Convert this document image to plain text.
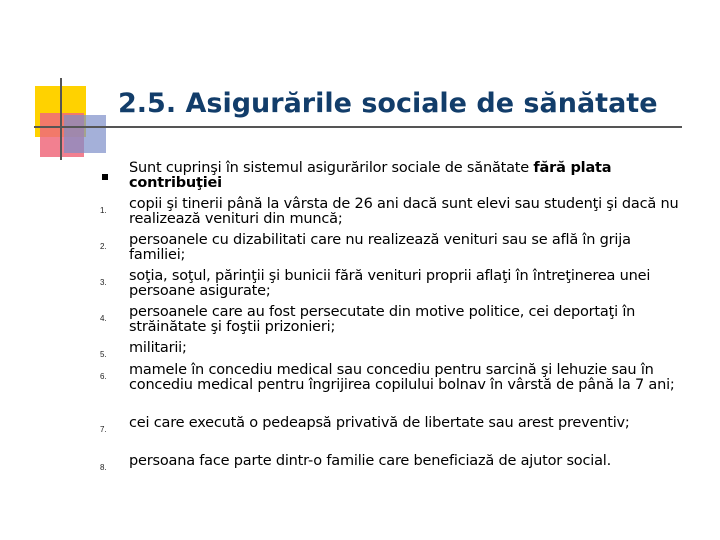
2.5. Asigurările sociale de sănătate
Sunt cuprinşi în sistemul asigurărilor sociale de sănătate fără plata contribuţiei
1.	copii şi tinerii până la vârsta de 26 ani dacă sunt elevi sau studenţi şi dacă nu realizează venituri din muncă;
2.	persoanele cu dizabilitati care nu realizează venituri sau se află în grija familiei;
3.	soţia, soţul, părinţii şi bunicii fără venituri proprii aflaţi în întreţinerea unei persoane asigurate;
4.	persoanele care au fost persecutate din motive politice, cei deportaţi în străinătate şi foştii prizonieri;
5.	militarii;
6.	mamele în concediu medical sau concediu pentru sarcină şi lehuzie sau în concediu medical pentru îngrijirea copilului bolnav în vârstă de până la 7 ani;
7.	cei care execută o pedeapsă privativă de libertate sau arest preventiv;
8.	persoana face parte dintr-o familie care beneficiază de ajutor social.
